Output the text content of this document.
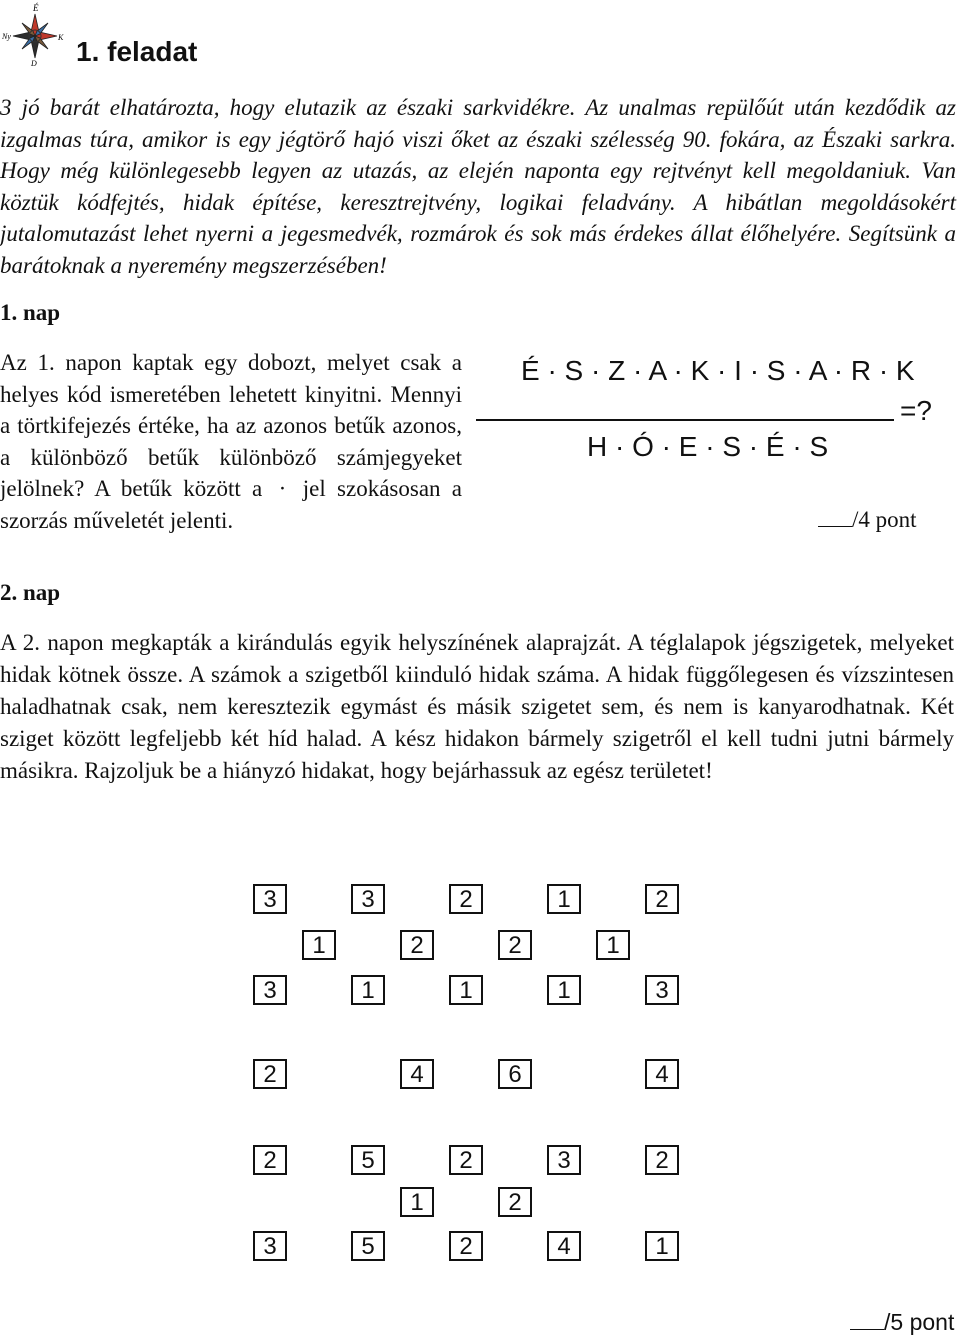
É
Ny	K
D 1. feladat

3 jó barát elhatározta, hogy elutazik az északi sarkvidékre. Az unalmas repülőút után kezdődik az izgalmas túra, amikor is egy jégtörő hajó viszi őket az északi szélesség 90. fokára, az Északi sarkra. Hogy még különlegesebb legyen az utazás, az elején naponta egy rejtvényt kell megoldaniuk. Van köztük kódfejtés, hidak építése, keresztrejtvény, logikai feladvány. A hibátlan megoldásokért jutalomutazást lehet nyerni a jegesmedvék, rozmárok és sok más érdekes állat élőhelyére. Segítsünk a barátoknak a nyeremény megszerzésében!

1. nap

Az 1. napon kaptak egy dobozt, melyet csak a helyes kód ismeretében lehetett kinyitni. Mennyi a törtkifejezés értéke, ha az azonos betűk azonos, a különböző betűk különböző számjegyeket jelölnek? A betűk között a · jel szokásosan a szorzás műveletét jelenti.

É · S · Z · A · K · I · S · A · R · K
=?
H · Ó · E · S · É · S
/4 pont
2. nap

A 2. napon megkapták a kirándulás egyik helyszínének alaprajzát. A téglalapok jégszigetek, melyeket hidak kötnek össze. A számok a szigetből kiinduló hidak száma. A hidak függőlegesen és vízszintesen haladhatnak csak, nem keresztezik egymást és másik szigetet sem, és nem is kanyarodhatnak. Két sziget között legfeljebb két híd halad. A kész hidakon bármely szigetről el kell tudni jutni bármely másikra. Rajzoljuk be a hiányzó hidakat, hogy bejárhassuk az egész területet!

3	3	2	1	2
1	2	2	1
3	1	1	1	3
2	4	6	4
2	5	2	3	2
1	2
3	5	2	4	1
/5 pont
